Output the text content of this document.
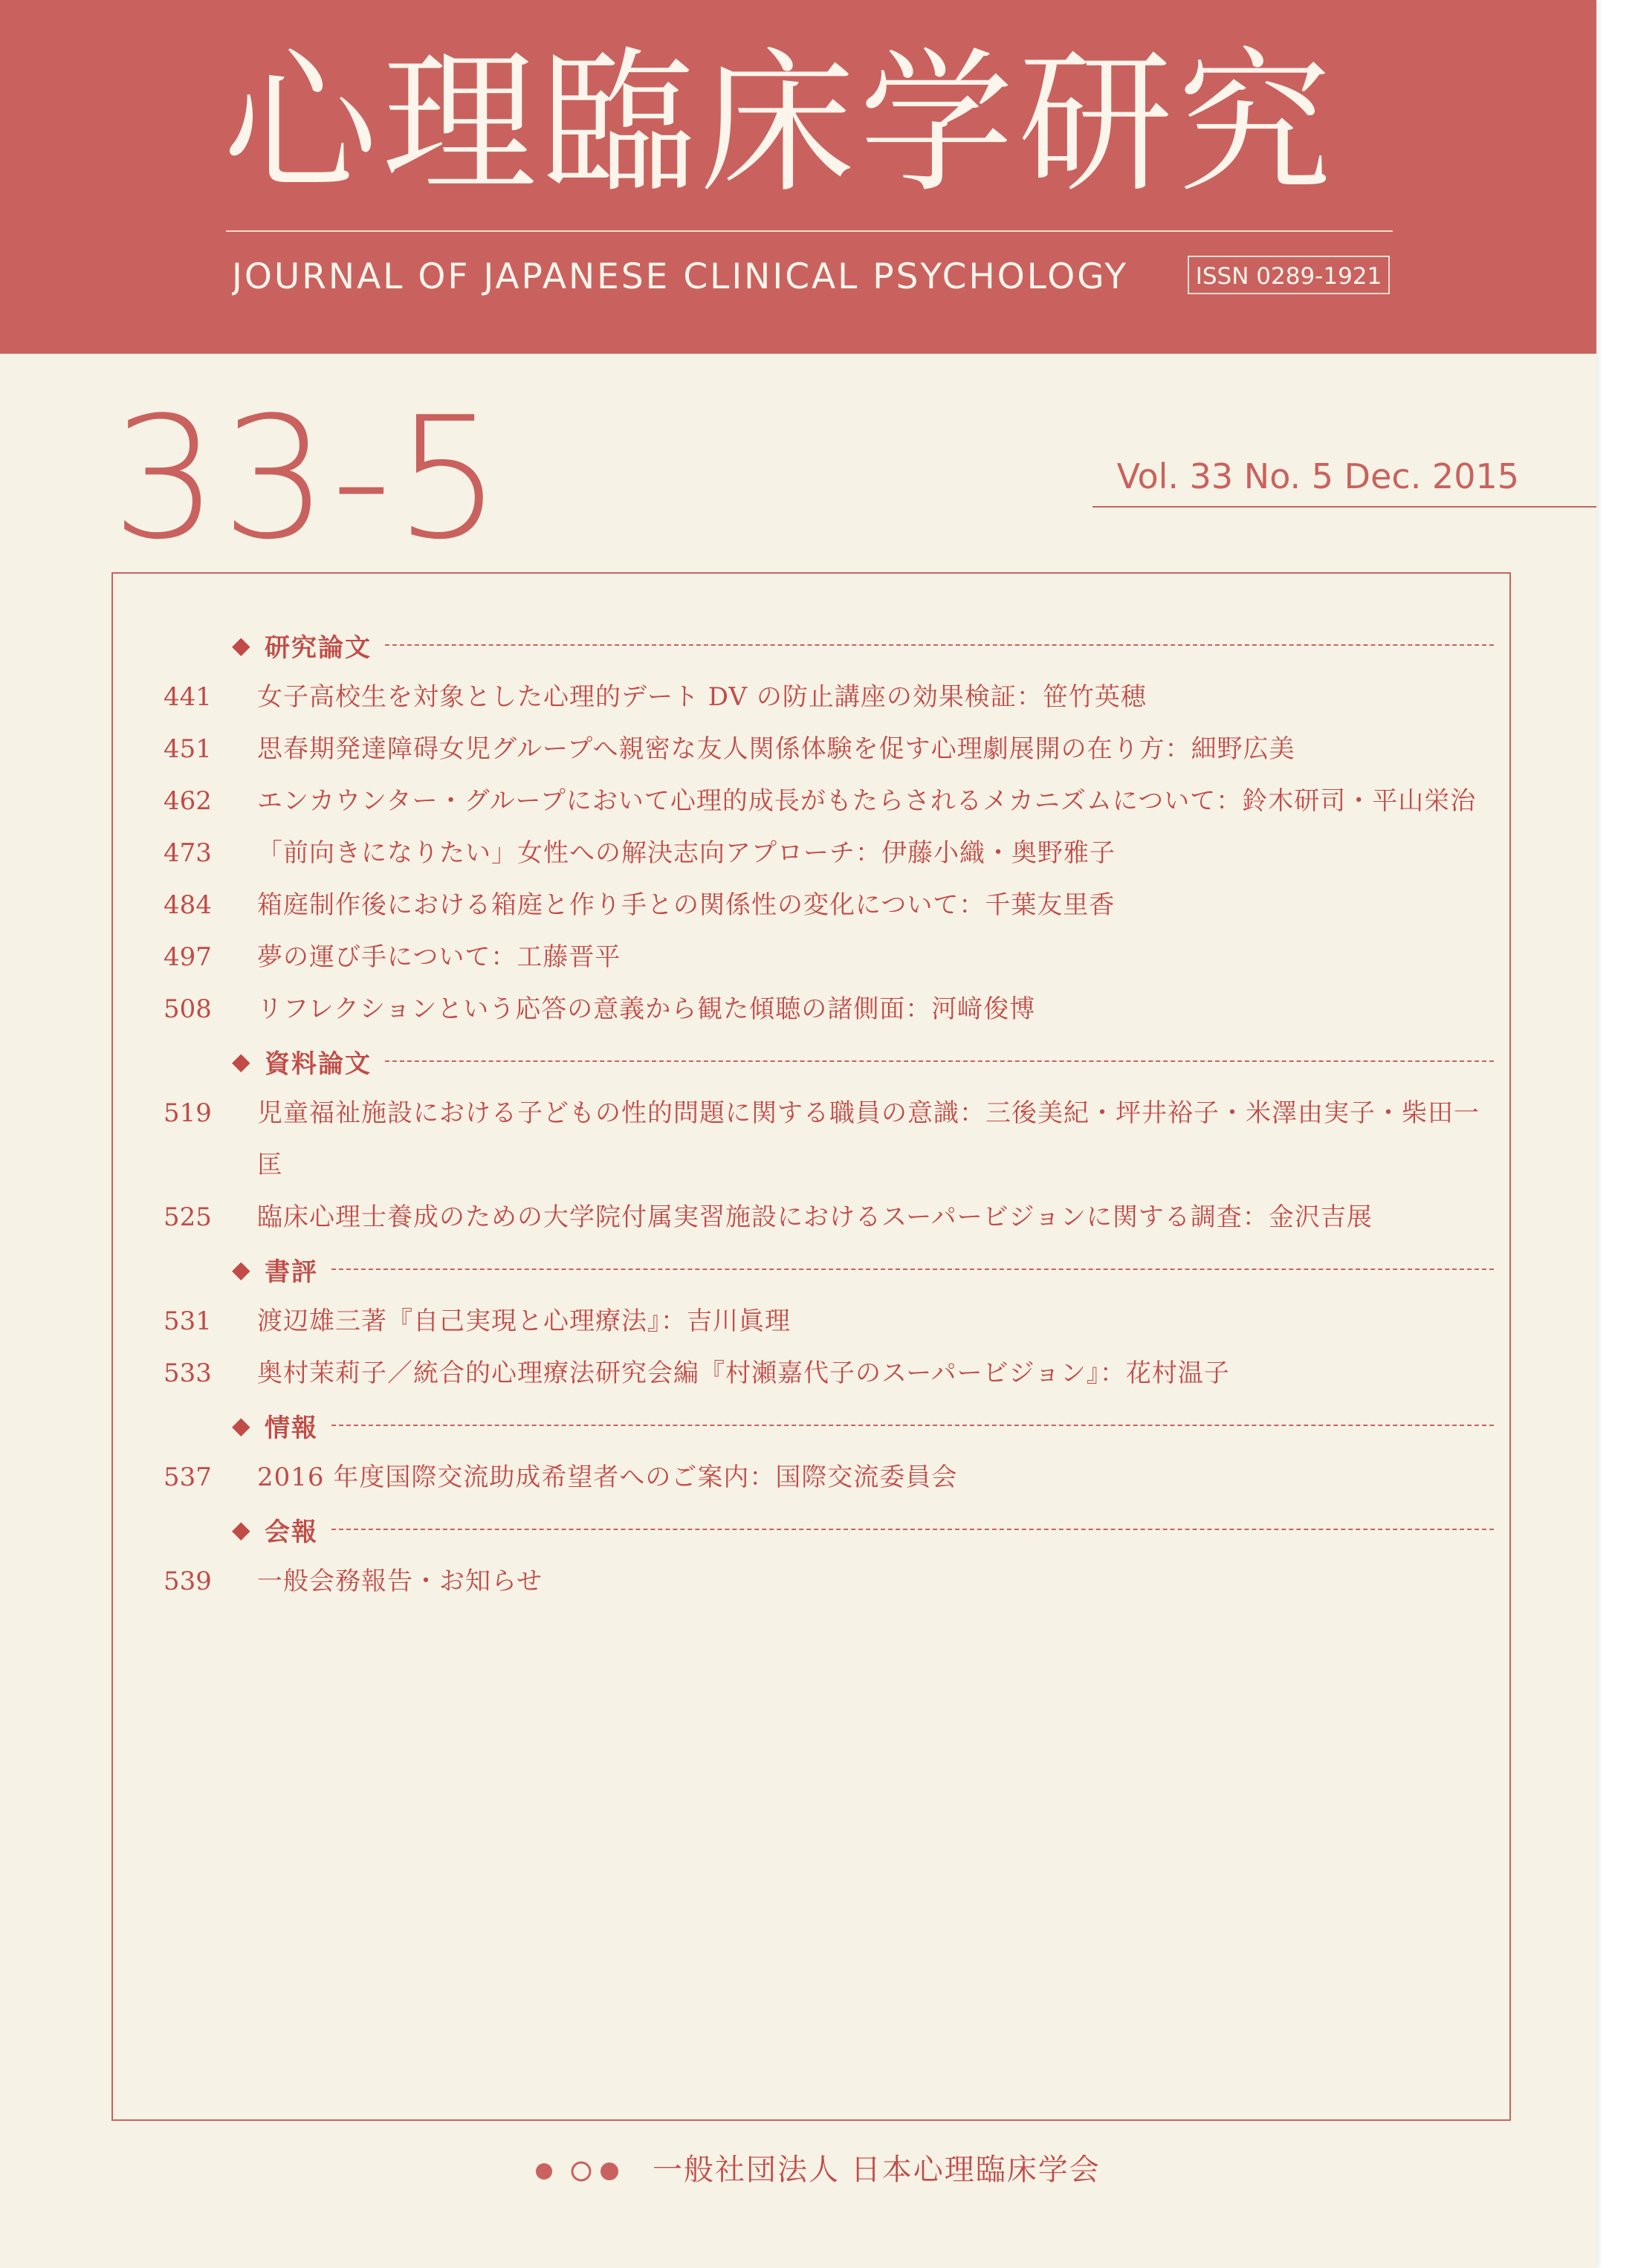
心理臨床学研究
JOURNAL OF JAPANESE CLINICAL PSYCHOLOGY	ISSN 0289-1921
33-5	Vol. 33 No. 5 Dec. 2015
◆ 研究論文
441	女子高校生を対象とした心理的デート DV の防止講座の効果検証：笹竹英穂
451	思春期発達障碍女児グループへ親密な友人関係体験を促す心理劇展開の在り方：細野広美
462	エンカウンター・グループにおいて心理的成長がもたらされるメカニズムについて：鈴木研司・平山栄治
473	「前向きになりたい」女性への解決志向アプローチ：伊藤小織・奥野雅子
484	箱庭制作後における箱庭と作り手との関係性の変化について：千葉友里香
497	夢の運び手について：工藤晋平
508	リフレクションという応答の意義から観た傾聴の諸側面：河﨑俊博
◆ 資料論文
519	児童福祉施設における子どもの性的問題に関する職員の意識：三後美紀・坪井裕子・米澤由実子・柴田一匡
525	臨床心理士養成のための大学院付属実習施設におけるスーパービジョンに関する調査：金沢吉展
◆ 書評
531	渡辺雄三著『自己実現と心理療法』：吉川眞理
533	奥村茉莉子／統合的心理療法研究会編『村瀬嘉代子のスーパービジョン』：花村温子
◆ 情報
537	2016 年度国際交流助成希望者へのご案内：国際交流委員会
◆ 会報
539	一般会務報告・お知らせ
一般社団法人 日本心理臨床学会
